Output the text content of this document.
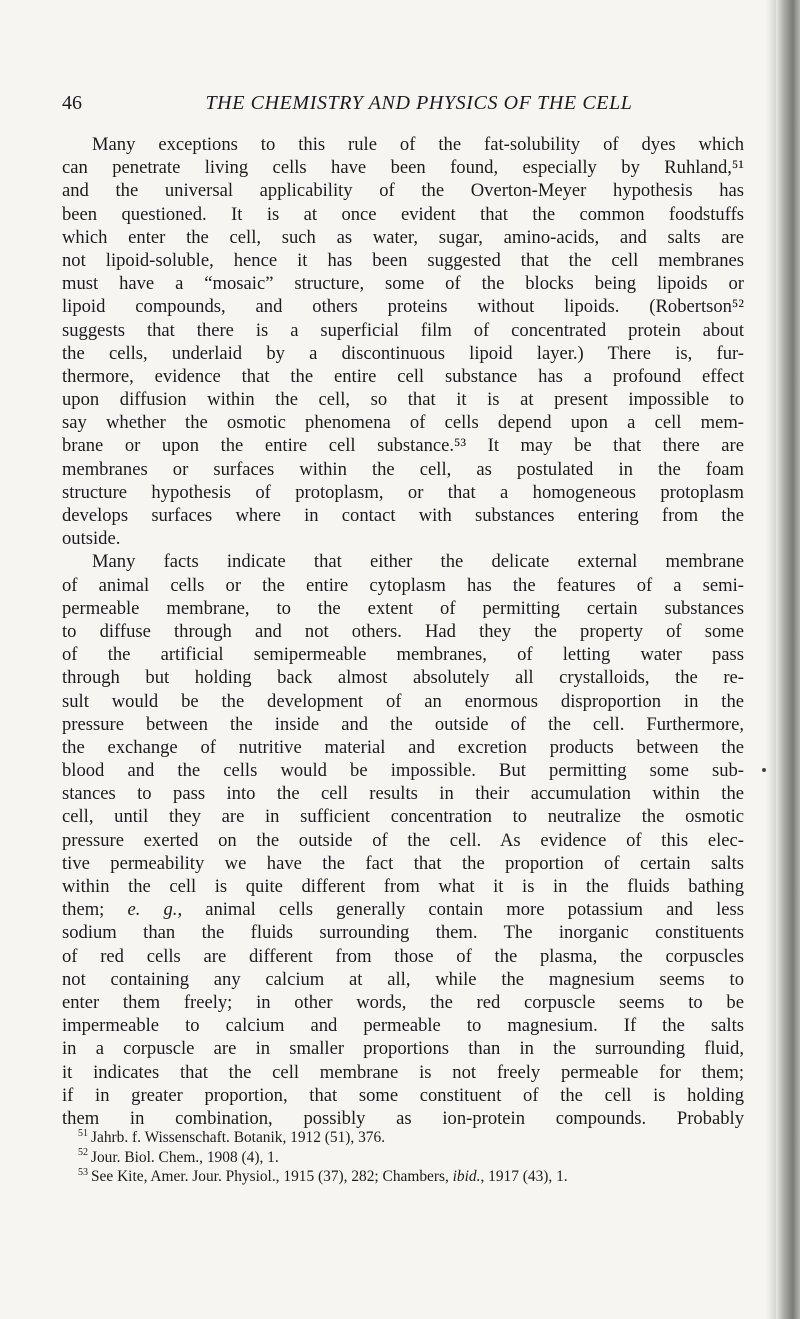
46	THE CHEMISTRY AND PHYSICS OF THE CELL
Many exceptions to this rule of the fat-solubility of dyes which
can penetrate living cells have been found, especially by Ruhland,⁵¹
and the universal applicability of the Overton-Meyer hypothesis has
been questioned. It is at once evident that the common foodstuffs
which enter the cell, such as water, sugar, amino-acids, and salts are
not lipoid-soluble, hence it has been suggested that the cell membranes
must have a “mosaic” structure, some of the blocks being lipoids or
lipoid compounds, and others proteins without lipoids. (Robertson⁵²
suggests that there is a superficial film of concentrated protein about
the cells, underlaid by a discontinuous lipoid layer.) There is, fur-
thermore, evidence that the entire cell substance has a profound effect
upon diffusion within the cell, so that it is at present impossible to
say whether the osmotic phenomena of cells depend upon a cell mem-
brane or upon the entire cell substance.⁵³ It may be that there are
membranes or surfaces within the cell, as postulated in the foam
structure hypothesis of protoplasm, or that a homogeneous protoplasm
develops surfaces where in contact with substances entering from the
outside.
Many facts indicate that either the delicate external membrane
of animal cells or the entire cytoplasm has the features of a semi-
permeable membrane, to the extent of permitting certain substances
to diffuse through and not others. Had they the property of some
of the artificial semipermeable membranes, of letting water pass
through but holding back almost absolutely all crystalloids, the re-
sult would be the development of an enormous disproportion in the
pressure between the inside and the outside of the cell. Furthermore,
the exchange of nutritive material and excretion products between the
blood and the cells would be impossible. But permitting some sub-
stances to pass into the cell results in their accumulation within the
cell, until they are in sufficient concentration to neutralize the osmotic
pressure exerted on the outside of the cell. As evidence of this elec-
tive permeability we have the fact that the proportion of certain salts
within the cell is quite different from what it is in the fluids bathing
them; e. g., animal cells generally contain more potassium and less
sodium than the fluids surrounding them. The inorganic constituents
of red cells are different from those of the plasma, the corpuscles
not containing any calcium at all, while the magnesium seems to
enter them freely; in other words, the red corpuscle seems to be
impermeable to calcium and permeable to magnesium. If the salts
in a corpuscle are in smaller proportions than in the surrounding fluid,
it indicates that the cell membrane is not freely permeable for them;
if in greater proportion, that some constituent of the cell is holding
them in combination, possibly as ion-protein compounds. Probably
$^{51}$ Jahrb. f. Wissenschaft. Botanik, 1912 (51), 376.
$^{52}$ Jour. Biol. Chem., 1908 (4), 1.
$^{53}$ See Kite, Amer. Jour. Physiol., 1915 (37), 282; Chambers, ibid., 1917 (43), 1.
